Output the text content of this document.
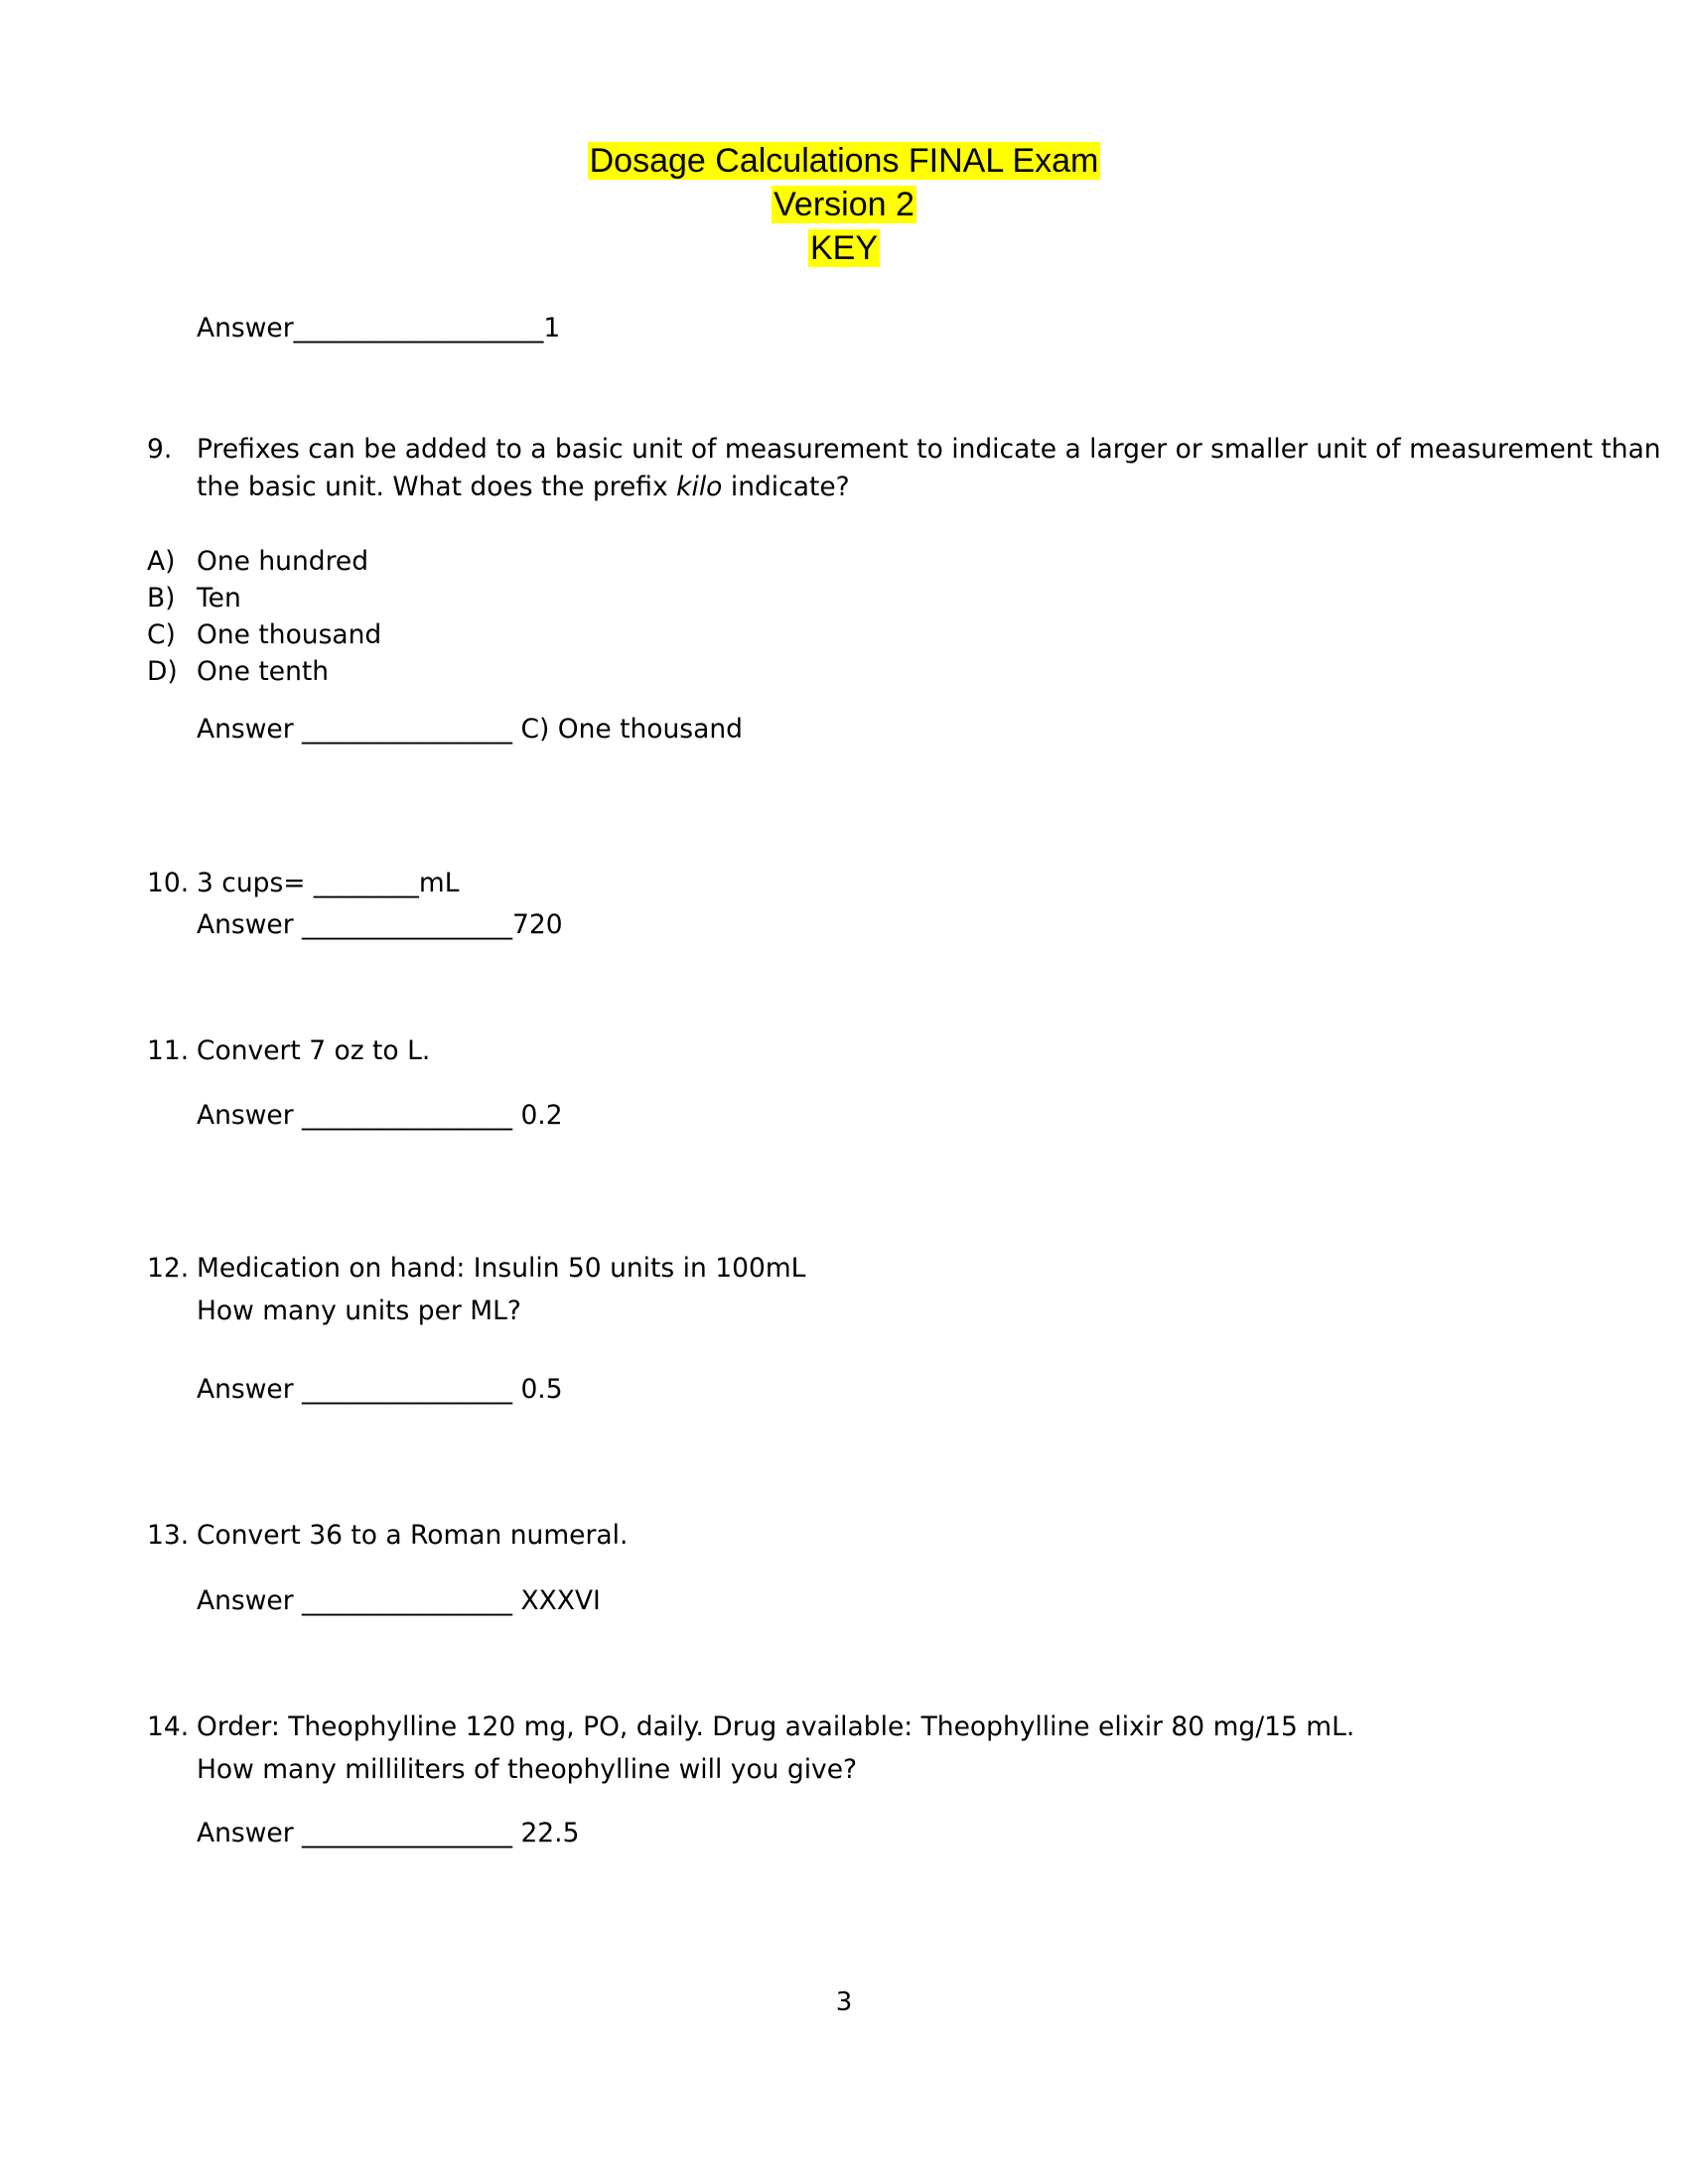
Dosage Calculations FINAL Exam
Version 2
KEY
Answer___________________1
9. Prefixes can be added to a basic unit of measurement to indicate a larger or smaller unit of measurement than
the basic unit. What does the prefix kilo indicate?
A) One hundred
B) Ten
C) One thousand
D) One tenth
Answer ________________ C) One thousand
10. 3 cups= ________mL
Answer ________________720
11. Convert 7 oz to L.
Answer ________________ 0.2
12. Medication on hand: Insulin 50 units in 100mL
How many units per ML?
Answer ________________ 0.5
13. Convert 36 to a Roman numeral.
Answer ________________ XXXVI
14. Order: Theophylline 120 mg, PO, daily. Drug available: Theophylline elixir 80 mg/15 mL.
How many milliliters of theophylline will you give?
Answer ________________ 22.5
3
